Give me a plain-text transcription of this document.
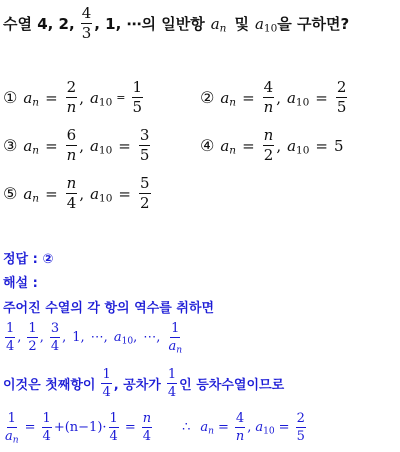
수열 4, 2, $\frac{4}{3}$ , 1, ⋯의 일반항 $a_n$ 및 $a_{10}$ 을 구하면?
① $a_n = \frac{2}{n}$ , $a_{10} = \frac{1}{5}$	② $a_n = \frac{4}{n}$ , $a_{10} = \frac{2}{5}$
③ $a_n = \frac{6}{n}$ , $a_{10} = \frac{3}{5}$	④ $a_n = \frac{n}{2}$ , $a_{10} = 5$
⑤ $a_n = \frac{n}{4}$ , $a_{10} = \frac{5}{2}$
정답 : ②
해설 :
주어진 수열의 각 항의 역수를 취하면
$\frac{1}{4}$ , $\frac{1}{2}$ , $\frac{3}{4}$ , 1, ⋯, $a_{10}$ , ⋯, $\frac{1}{a_n}$
이것은 첫째항이 $\frac{1}{4}$ , 공차가 $\frac{1}{4}$ 인 등차수열이므로
$\frac{1}{a_n} = \frac{1}{4} +(n-1)\cdot \frac{1}{4} = \frac{n}{4}$ ∴ $a_n = \frac{4}{n}$ , $a_{10} = \frac{2}{5}$
